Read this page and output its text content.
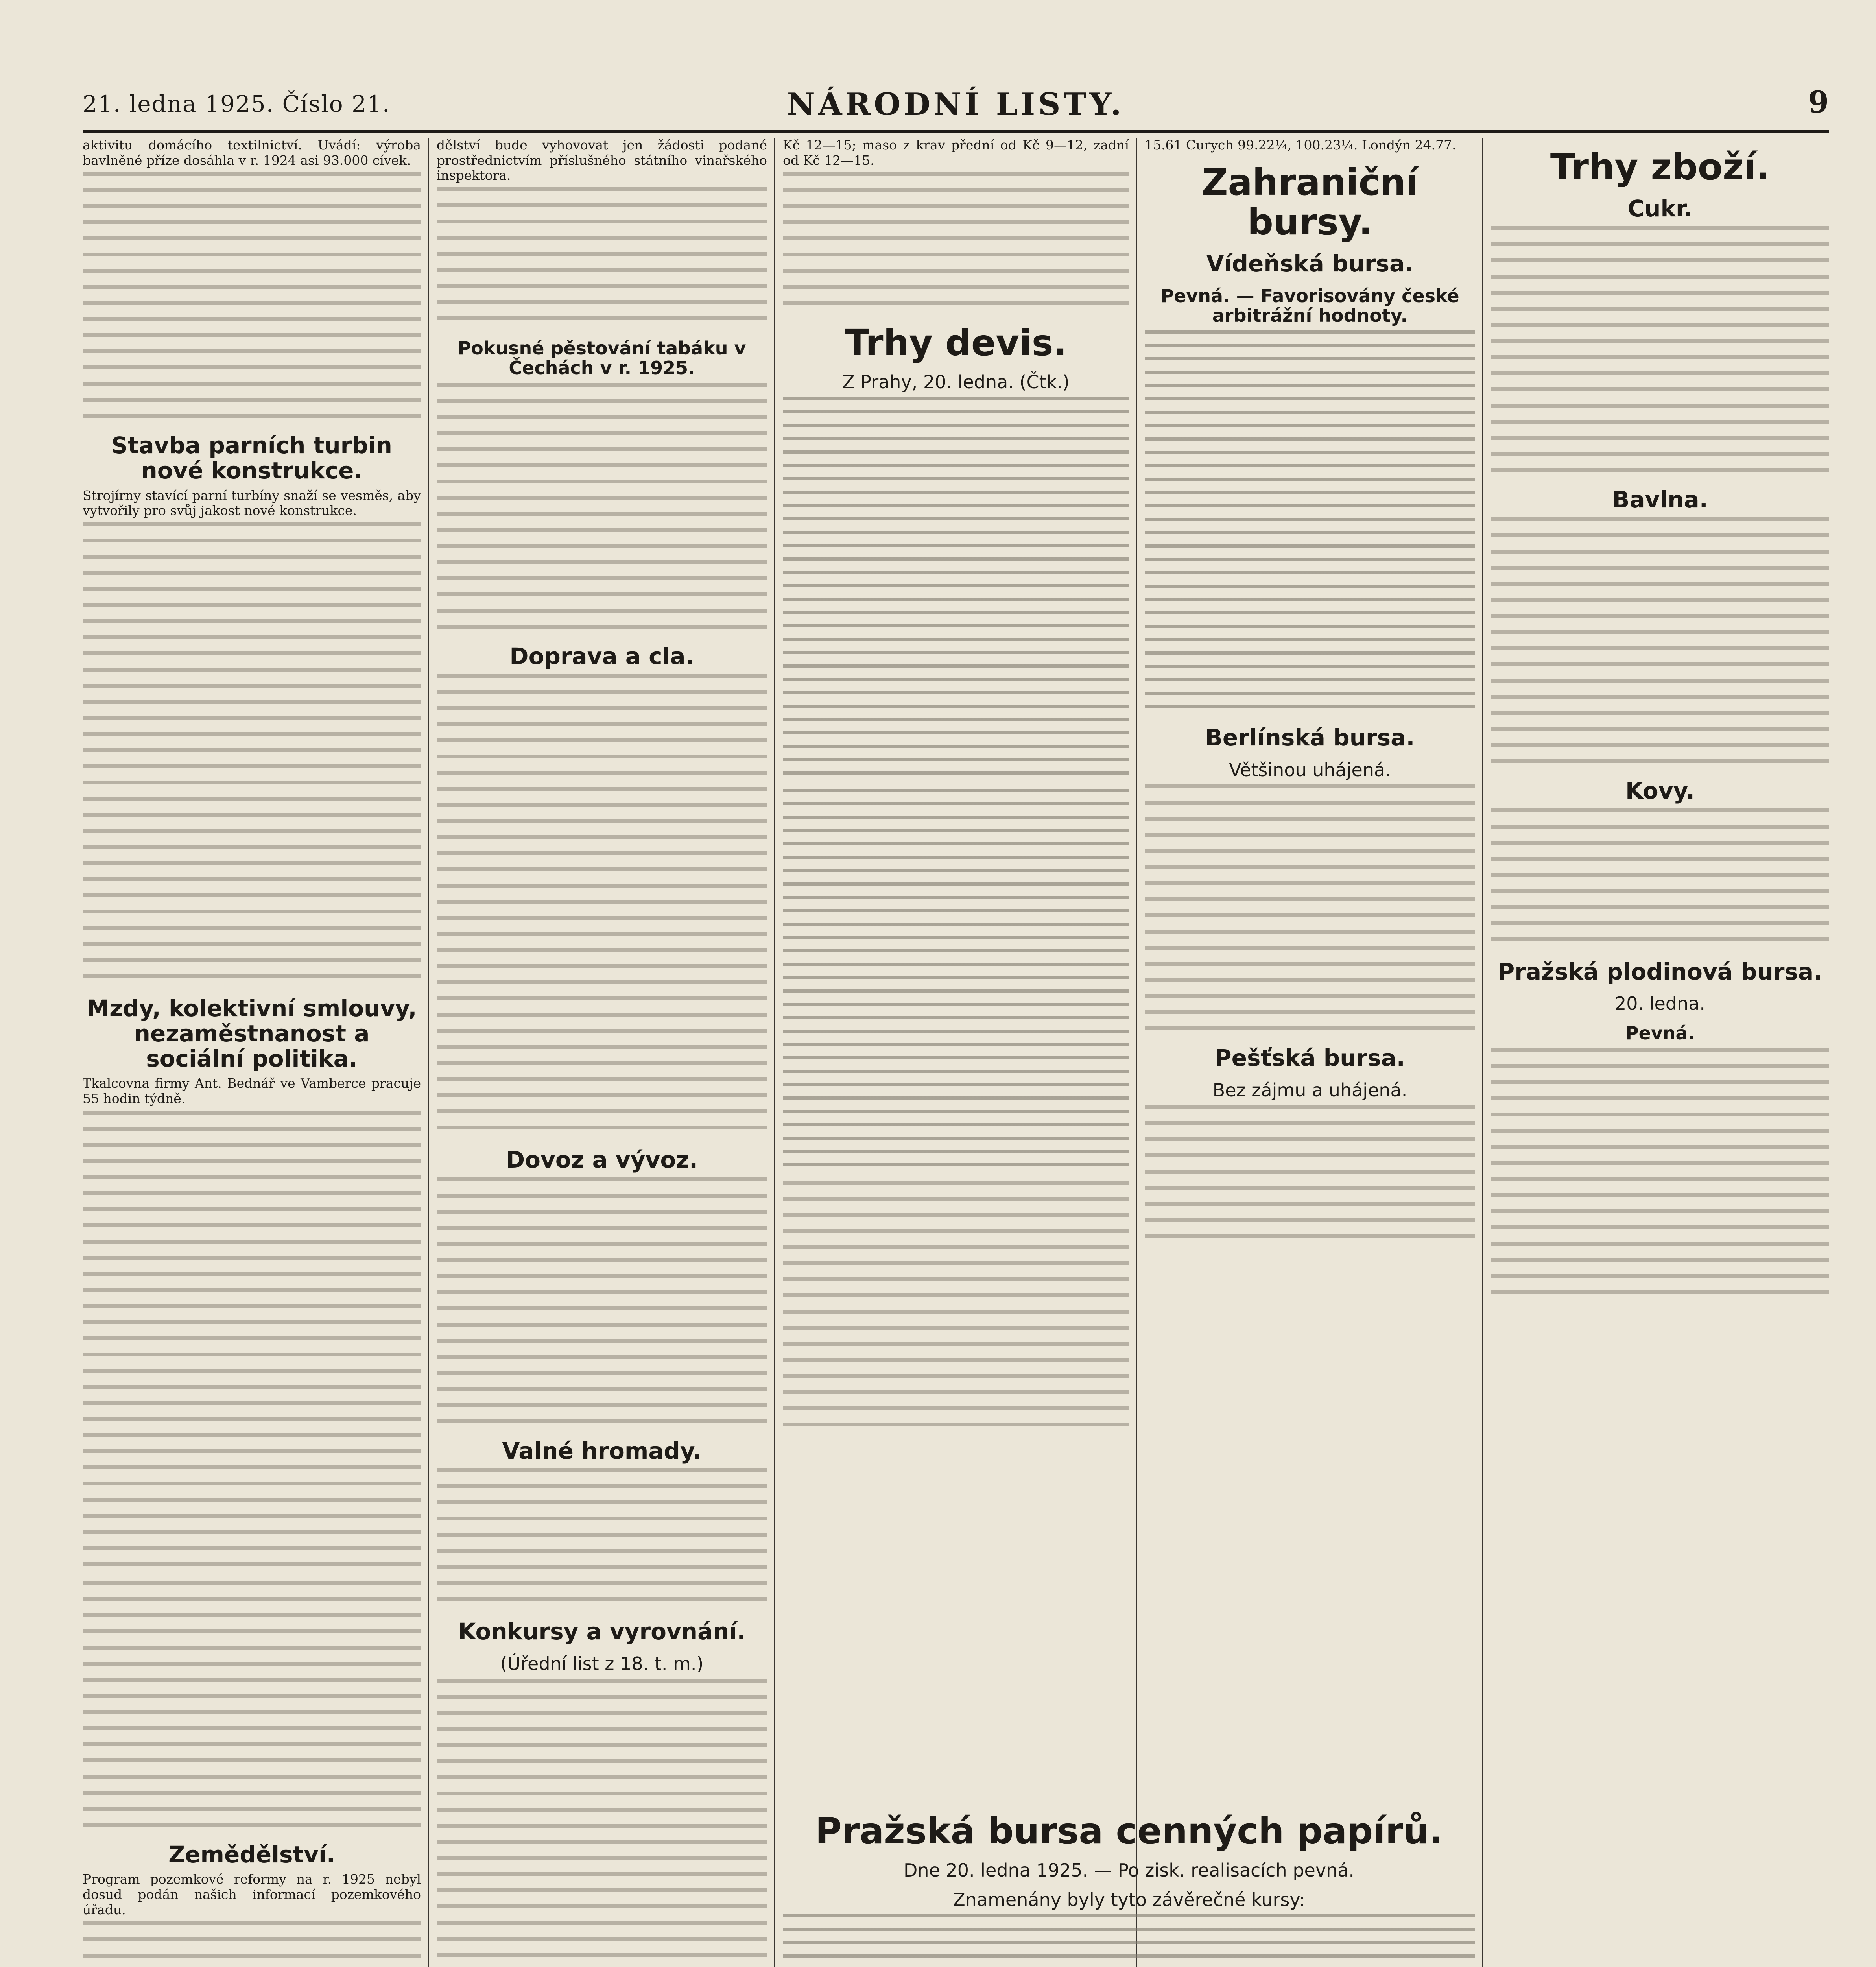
21. ledna 1925. Číslo 21.	NÁRODNÍ LISTY.	9

aktivitu domácího textilnictví. Uvádí: výroba bavlněné příze dosáhla v r. 1924 asi 93.000 cívek.

Stavba parních turbin nové konstrukce.

Strojírny stavící parní turbíny snaží se vesměs, aby vytvořily pro svůj jakost nové konstrukce.

Mzdy, kolektivní smlouvy, nezaměstnanost a sociální politika.

Tkalcovna firmy Ant. Bednář ve Vamberce pracuje 55 hodin týdně.

Zemědělství.

Program pozemkové reformy na r. 1925 nebyl dosud podán našich informací pozemkového úřadu.

dělství bude vyhovovat jen žádosti podané prostřednictvím příslušného státního vinařského inspektora.

Pokusné pěstování tabáku v Čechách v r. 1925.
Doprava a cla.
Dovoz a vývoz.
Valné hromady.
Konkursy a vyrovnání.
(Úřední list z 18. t. m.)

Kč 12—15; maso z krav přední od Kč 9—12, zadní od Kč 12—15.

Trhy devis.
Z Prahy, 20. ledna. (Čtk.)

15.61 Curych 99.22¼, 100.23¼. Londýn 24.77.

Zahraniční bursy.
Vídeňská bursa.
Pevná. — Favorisovány české arbitrážní hodnoty.
Berlínská bursa.
Většinou uhájená.
Pešťská bursa.
Bez zájmu a uhájená.
Pražská bursa cenných papírů.
Dne 20. ledna 1925. — Po zisk. realisacích pevná.
Znamenány byly tyto závěrečné kursy:
Trhy zboží.
Cukr.
Bavlna.
Kovy.
Pražská plodinová bursa.
20. ledna.
Pevná.
